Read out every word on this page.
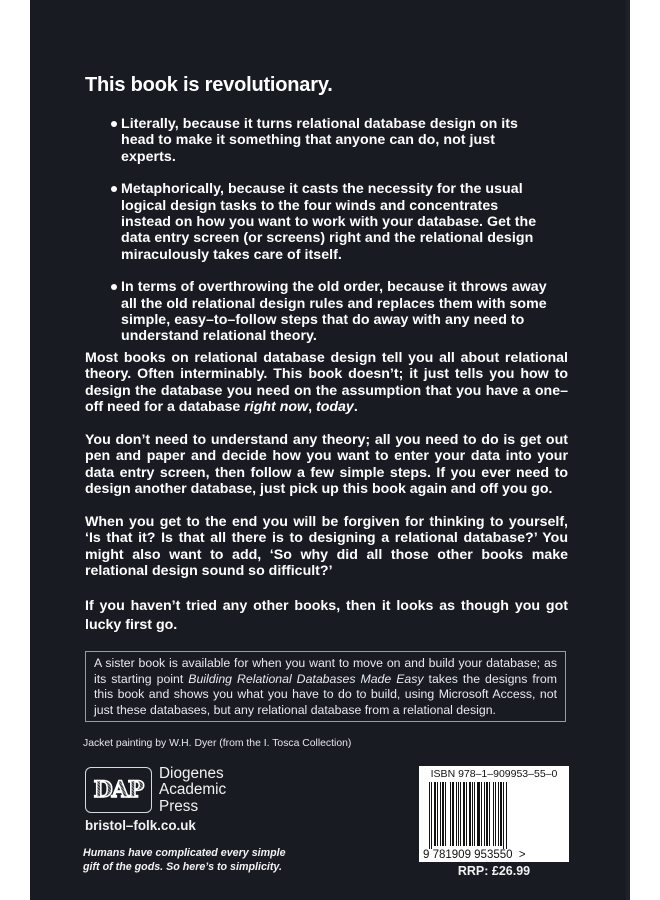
This book is revolutionary.
Literally, because it turns relational database design on its head to make it something that anyone can do, not just experts.
Metaphorically, because it casts the necessity for the usual logical design tasks to the four winds and concentrates instead on how you want to work with your database. Get the data entry screen (or screens) right and the relational design miraculously takes care of itself.
In terms of overthrowing the old order, because it throws away all the old relational design rules and replaces them with some simple, easy–to–follow steps that do away with any need to understand relational theory.

Most books on relational database design tell you all about relational theory. Often interminably. This book doesn’t; it just tells you how to design the database you need on the assumption that you have a one–off need for a database right now, today.

You don’t need to understand any theory; all you need to do is get out pen and paper and decide how you want to enter your data into your data entry screen, then follow a few simple steps. If you ever need to design another database, just pick up this book again and off you go.

When you get to the end you will be forgiven for thinking to yourself, ‘Is that it? Is that all there is to designing a relational database?’ You might also want to add, ‘So why did all those other books make relational design sound so difficult?’

If you haven’t tried any other books, then it looks as though you got lucky first go.

A sister book is available for when you want to move on and build your database; as its starting point Building Relational Databases Made Easy takes the designs from this book and shows you what you have to do to build, using Microsoft Access, not just these databases, but any relational database from a relational design.
Jacket painting by W.H. Dyer (from the I. Tosca Collection)
DAP
Diogenes
Academic
Press
bristol–folk.co.uk
Humans have complicated every simple
gift of the gods. So here’s to simplicity.
ISBN 978–1–909953–55–0
9 781909 953550  >
RRP: £26.99
